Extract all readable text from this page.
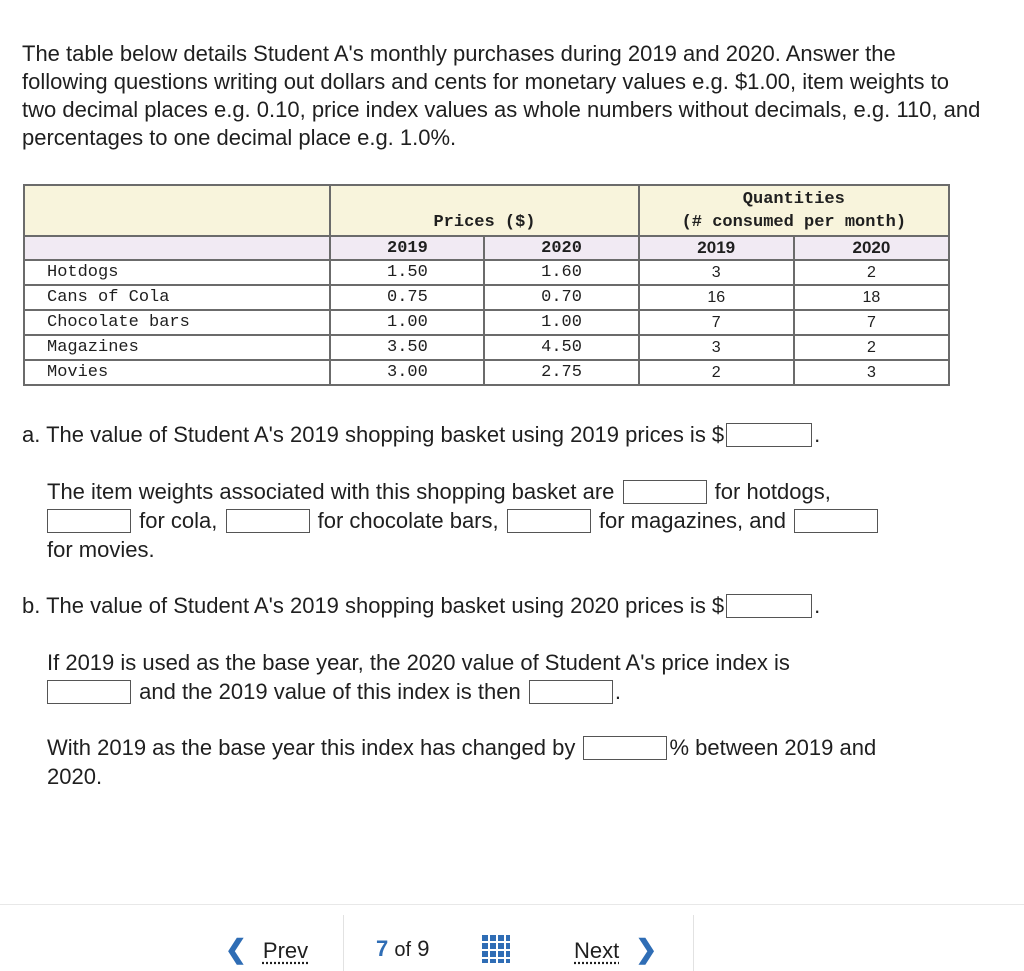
The table below details Student A's monthly purchases during 2019 and 2020. Answer the following questions writing out dollars and cents for monetary values e.g. $1.00, item weights to two decimal places e.g. 0.10, price index values as whole numbers without decimals, e.g. 110, and percentages to one decimal place e.g. 1.0%.
	Prices ($)		Quantities
(# consumed per month)	

	2019	2020	2019	2020
Hotdogs	1.50	1.60	3	2
Cans of Cola	0.75	0.70	16	18
Chocolate bars	1.00	1.00	7	7
Magazines	3.50	4.50	3	2
Movies	3.00	2.75	2	3
a. The value of Student A's 2019 shopping basket using 2019 prices is $	.
The item weights associated with this shopping basket are	for hotdogs,
for cola,	for chocolate bars,	for magazines, and
for movies.
b. The value of Student A's 2019 shopping basket using 2020 prices is $	.
If 2019 is used as the base year, the 2020 value of Student A's price index is
and the 2019 value of this index is then	.
With 2019 as the base year this index has changed by	% between 2019 and
2020.
❮ Prev	7 of 9	Next ❯
